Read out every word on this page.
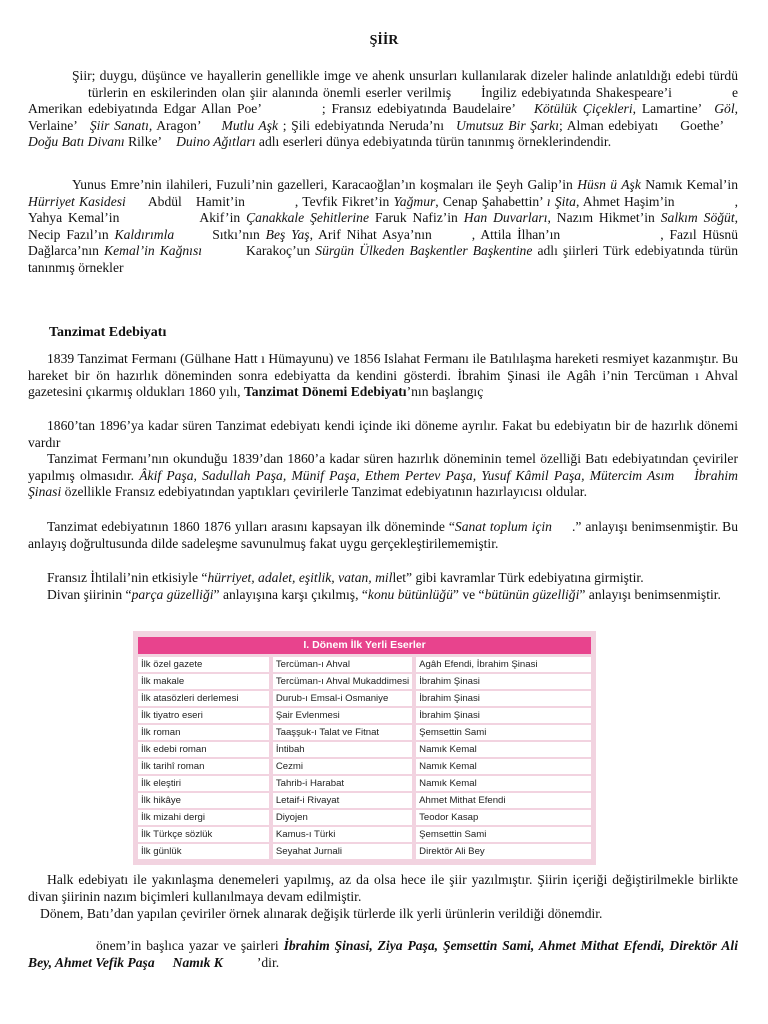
ŞİİR
Şiir; duygu, düşünce ve hayallerin genellikle imge ve ahenk unsurları kullanılarak dizeler halinde anlatıldığı edebi türdütürlerin en eskilerinden olan şiir alanında önemli eserler verilmiş İngiliz edebiyatında Shakespeare’i	e Amerikan edebiyatında Edgar Allan Poe’	; Fransız edebiyatında Baudelaire’ Kötülük Çiçekleri, Lamartine’ Göl, Verlaine’ Şiir Sanatı, Aragon’ Mutlu Aşk ; Şili edebiyatında Neruda’nı Umutsuz Bir Şarkı; Alman edebiyatı Goethe’Doğu Batı Divanı Rilke’ Duino Ağıtları adlı eserleri dünya edebiyatında türün tanınmış örneklerindendir.
Yunus Emre’nin ilahileri, Fuzuli’nin gazelleri, Karacaoğlan’ın koşmaları ile Şeyh Galip’in Hüsn ü Aşk Namık Kemal’in Hürriyet Kasidesi Abdül Hamit’in	, Tevfik Fikret’in Yağmur, Cenap Şahabettin’ ı Şita, Ahmet Haşim’in	, Yahya Kemal’in	Akif’in Çanakkale Şehitlerine Faruk Nafiz’in Han Duvarları, Nazım Hikmet’in Salkım Söğüt, Necip Fazıl’ın Kaldırımla	Sıtkı’nın Beş Yaş, Arif Nihat Asya’nın	, Attila İlhan’ın	, Fazıl Hüsnü Dağlarca’nın Kemal’in Kağnısı	Karakoç’un Sürgün Ülkeden Başkentler Başkentine adlı şiirleri Türk edebiyatında türün tanınmış örnekler
Tanzimat Edebiyatı
1839 Tanzimat Fermanı (Gülhane Hatt ı Hümayunu) ve 1856 Islahat Fermanı ile Batılılaşma hareketi resmiyet kazanmıştır. Bu hareket bir ön hazırlık döneminden sonra edebiyatta da kendini gösterdi. İbrahim Şinasi ile Agâh i’nin Tercüman ı Ahval gazetesini çıkarmış oldukları 1860 yılı, Tanzimat Dönemi Edebiyatı’nın başlangıç
1860’tan 1896’ya kadar süren Tanzimat edebiyatı kendi içinde iki döneme ayrılır. Fakat bu edebiyatın bir de hazırlık dönemi vardır
Tanzimat Fermanı’nın okunduğu 1839’dan 1860’a kadar süren hazırlık döneminin temel özelliği Batı edebiyatından çeviriler yapılmış olmasıdır. Âkif Paşa, Sadullah Paşa, Münif Paşa, Ethem Pertev Paşa, Yusuf Kâmil Paşa, Mütercim Asım İbrahim Şinasi özellikle Fransız edebiyatından yaptıkları çevirilerle Tanzimat edebiyatının hazırlayıcısı oldular.
Tanzimat edebiyatının 1860 1876 yılları arasını kapsayan ilk döneminde “Sanat toplum için .” anlayışı benimsenmiştir. Bu anlayış doğrultusunda dilde sadeleşme savunulmuş fakat uygu gerçekleştirilememiştir.
Fransız İhtilali’nin etkisiyle “hürriyet, adalet, eşitlik, vatan, millet” gibi kavramlar Türk edebiyatına girmiştir.
Divan şiirinin “parça güzelliği” anlayışına karşı çıkılmış, “konu bütünlüğü” ve “bütünün güzelliği” anlayışı benimsenmiştir.
I. Dönem İlk Yerli Eserler
İlk özel gazete	Tercüman-ı Ahval	Agâh Efendi, İbrahim Şinasi
İlk makale	Tercüman-ı Ahval Mukaddimesi	İbrahim Şinasi
İlk atasözleri derlemesi	Durub-ı Emsal-i Osmaniye	İbrahim Şinasi
İlk tiyatro eseri	Şair Evlenmesi	İbrahim Şinasi
İlk roman	Taaşşuk-ı Talat ve Fitnat	Şemsettin Sami
İlk edebi roman	İntibah	Namık Kemal
İlk tarihî roman	Cezmi	Namık Kemal
İlk eleştiri	Tahrib-i Harabat	Namık Kemal
İlk hikâye	Letaif-i Rivayat	Ahmet Mithat Efendi
İlk mizahi dergi	Diyojen	Teodor Kasap
İlk Türkçe sözlük	Kamus-ı Türki	Şemsettin Sami
İlk günlük	Seyahat Jurnali	Direktör Ali Bey
Halk edebiyatı ile yakınlaşma denemeleri yapılmış, az da olsa hece ile şiir yazılmıştır. Şiirin içeriği değiştirilmekle birlikte divan şiirinin nazım biçimleri kullanılmaya devam edilmiştir.
Dönem, Batı’dan yapılan çeviriler örnek alınarak değişik türlerde ilk yerli ürünlerin verildiği dönemdir.
önem’in başlıca yazar ve şairleri İbrahim Şinasi, Ziya Paşa, Şemsettin Sami, Ahmet Mithat Efendi, Direktör Ali Bey, Ahmet Vefik Paşa Namık K	’dir.
